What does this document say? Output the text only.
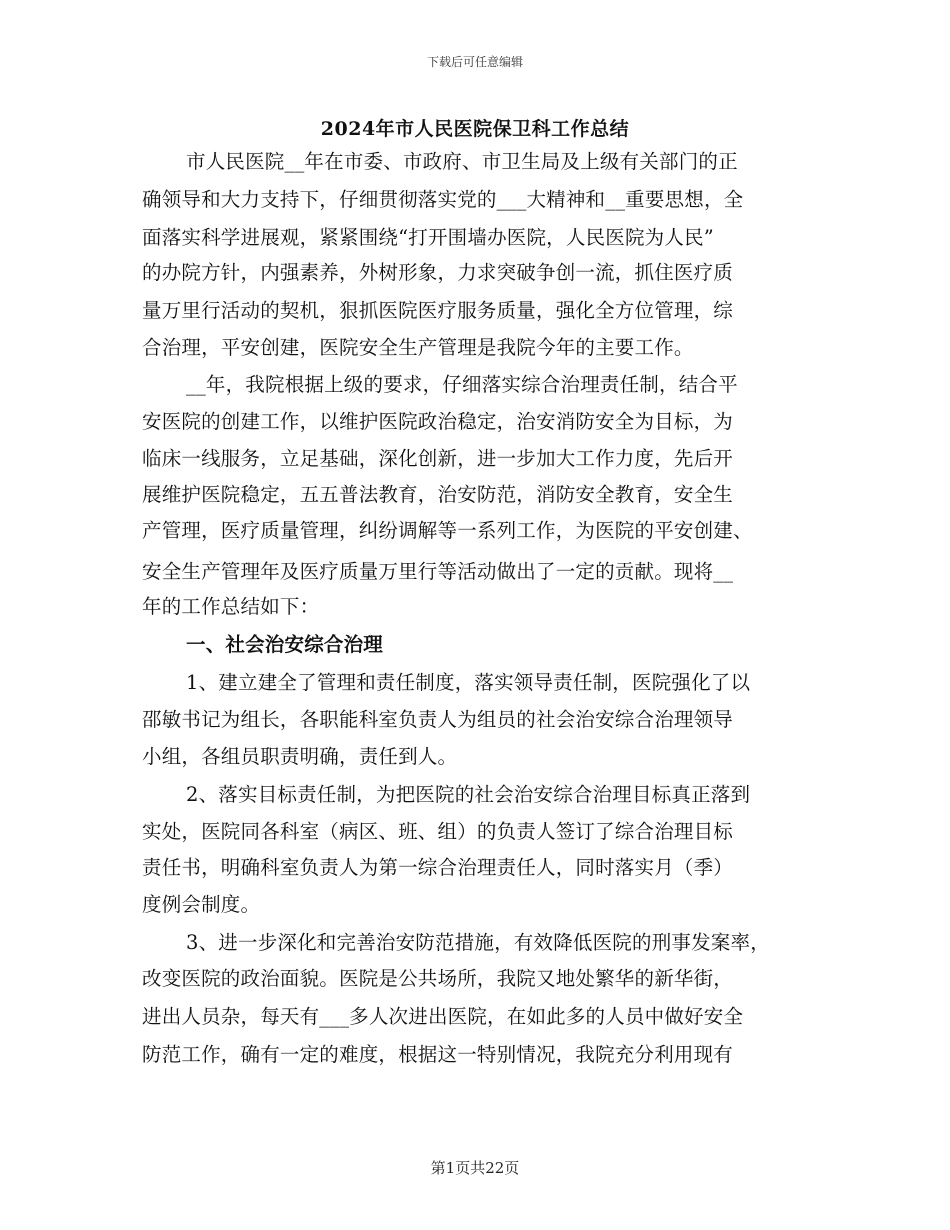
下载后可任意编辑
2024年市人民医院保卫科工作总结
市人民医院__年在市委、市政府、市卫生局及上级有关部门的正
确领导和大力支持下，仔细贯彻落实党的___大精神和__重要思想，全
面落实科学进展观，紧紧围绕“打开围墙办医院，人民医院为人民”
的办院方针，内强素养，外树形象，力求突破争创一流，抓住医疗质
量万里行活动的契机，狠抓医院医疗服务质量，强化全方位管理，综
合治理，平安创建，医院安全生产管理是我院今年的主要工作。
__年，我院根据上级的要求，仔细落实综合治理责任制，结合平
安医院的创建工作，以维护医院政治稳定，治安消防安全为目标，为
临床一线服务，立足基础，深化创新，进一步加大工作力度，先后开
展维护医院稳定，五五普法教育，治安防范，消防安全教育，安全生
产管理，医疗质量管理，纠纷调解等一系列工作，为医院的平安创建、
安全生产管理年及医疗质量万里行等活动做出了一定的贡献。现将__
年的工作总结如下：
一、社会治安综合治理
1、建立建全了管理和责任制度，落实领导责任制，医院强化了以
邵敏书记为组长，各职能科室负责人为组员的社会治安综合治理领导
小组，各组员职责明确，责任到人。
2、落实目标责任制，为把医院的社会治安综合治理目标真正落到
实处，医院同各科室（病区、班、组）的负责人签订了综合治理目标
责任书，明确科室负责人为第一综合治理责任人，同时落实月（季）
度例会制度。
3、进一步深化和完善治安防范措施，有效降低医院的刑事发案率，
改变医院的政治面貌。医院是公共场所，我院又地处繁华的新华街，
进出人员杂，每天有___多人次进出医院，在如此多的人员中做好安全
防范工作，确有一定的难度，根据这一特别情况，我院充分利用现有
第1页共22页
